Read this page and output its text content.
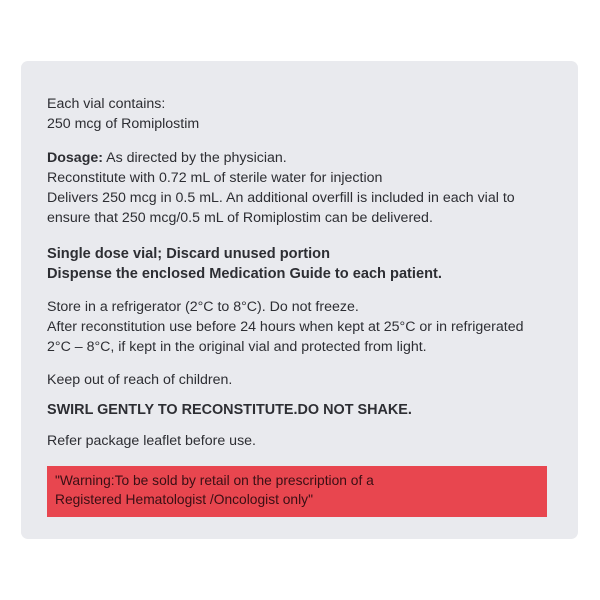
Each vial contains:
250 mcg of Romiplostim
Dosage: As directed by the physician.
Reconstitute with 0.72 mL of sterile water for injection
Delivers 250 mcg in 0.5 mL. An additional overfill is included in each vial to
ensure that 250 mcg/0.5 mL of Romiplostim can be delivered.
Single dose vial; Discard unused portion
Dispense the enclosed Medication Guide to each patient.
Store in a refrigerator (2°C to 8°C). Do not freeze.
After reconstitution use before 24 hours when kept at 25°C or in refrigerated
2°C – 8°C, if kept in the original vial and protected from light.
Keep out of reach of children.
SWIRL GENTLY TO RECONSTITUTE.DO NOT SHAKE.
Refer package leaflet before use.
"Warning:To be sold by retail on the prescription of a
Registered Hematologist /Oncologist only"
